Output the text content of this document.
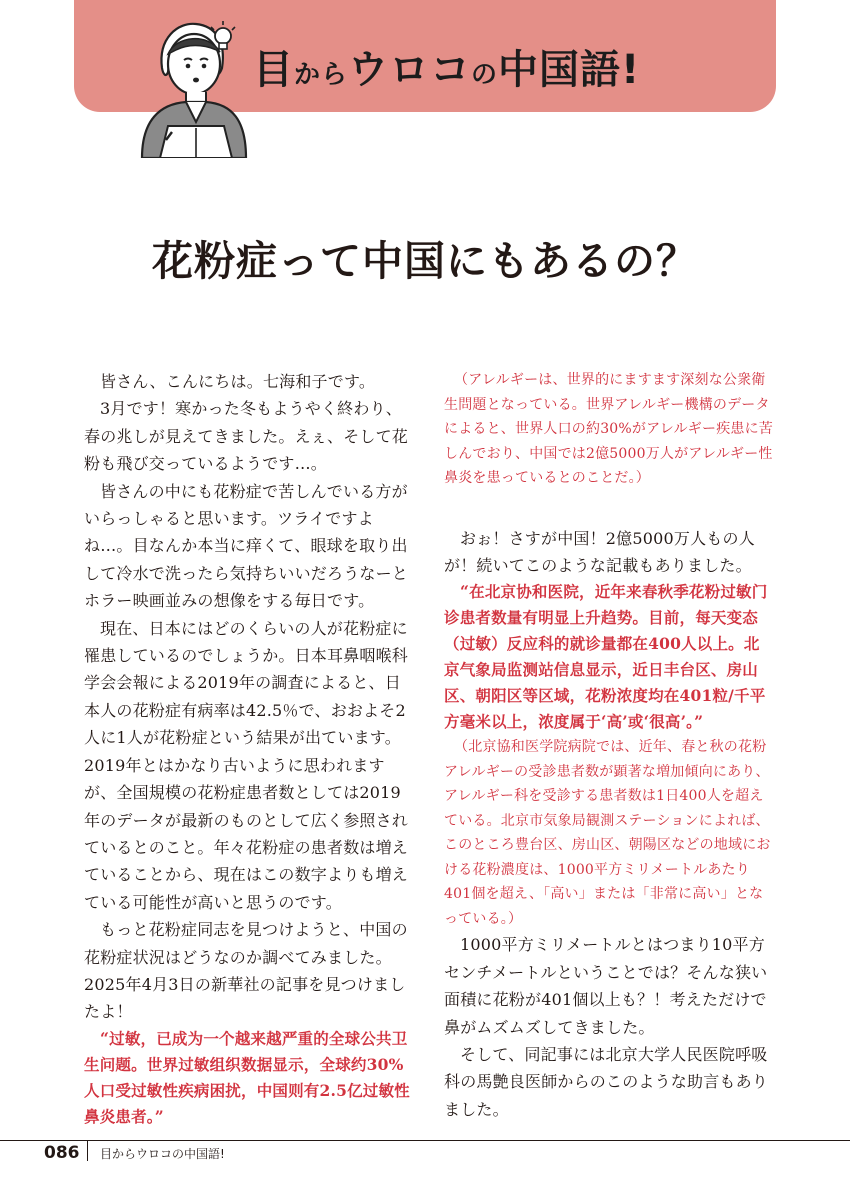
目からウロコの中国語!
花粉症って中国にもあるの？

皆さん、こんにちは。七海和子です。

3月です！寒かった冬もようやく終わり、春の兆しが見えてきました。えぇ、そして花粉も飛び交っているようです…。

皆さんの中にも花粉症で苦しんでいる方がいらっしゃると思います。ツライですよね…。目なんか本当に痒くて、眼球を取り出して冷水で洗ったら気持ちいいだろうなーとホラー映画並みの想像をする毎日です。

現在、日本にはどのくらいの人が花粉症に罹患しているのでしょうか。日本耳鼻咽喉科学会会報による2019年の調査によると、日本人の花粉症有病率は42.5％で、おおよそ2人に1人が花粉症という結果が出ています。2019年とはかなり古いように思われますが、全国規模の花粉症患者数としては2019年のデータが最新のものとして広く参照されているとのこと。年々花粉症の患者数は増えていることから、現在はこの数字よりも増えている可能性が高いと思うのです。

もっと花粉症同志を見つけようと、中国の花粉症状況はどうなのか調べてみました。2025年4月3日の新華社の記事を見つけましたよ！

“过敏，已成为一个越来越严重的全球公共卫生问题。世界过敏组织数据显示，全球约30%人口受过敏性疾病困扰，中国则有2.5亿过敏性鼻炎患者。”

（アレルギーは、世界的にますます深刻な公衆衛生問題となっている。世界アレルギー機構のデータによると、世界人口の約30%がアレルギー疾患に苦しんでおり、中国では2億5000万人がアレルギー性鼻炎を患っているとのことだ。）

おぉ！さすが中国！2億5000万人もの人が！続いてこのような記載もありました。

“在北京协和医院，近年来春秋季花粉过敏门诊患者数量有明显上升趋势。目前，每天变态（过敏）反应科的就诊量都在400人以上。北京气象局监测站信息显示，近日丰台区、房山区、朝阳区等区域，花粉浓度均在401粒/千平方毫米以上，浓度属于‘高’或‘很高’。”

（北京協和医学院病院では、近年、春と秋の花粉アレルギーの受診患者数が顕著な増加傾向にあり、アレルギー科を受診する患者数は1日400人を超えている。北京市気象局観測ステーションによれば、このところ豊台区、房山区、朝陽区などの地域における花粉濃度は、1000平方ミリメートルあたり401個を超え、「高い」または「非常に高い」となっている。）

1000平方ミリメートルとはつまり10平方センチメートルということでは？そんな狭い面積に花粉が401個以上も？！考えただけで鼻がムズムズしてきました。

そして、同記事には北京大学人民医院呼吸科の馬艶良医師からのこのような助言もありました。

086 目からウロコの中国語!
